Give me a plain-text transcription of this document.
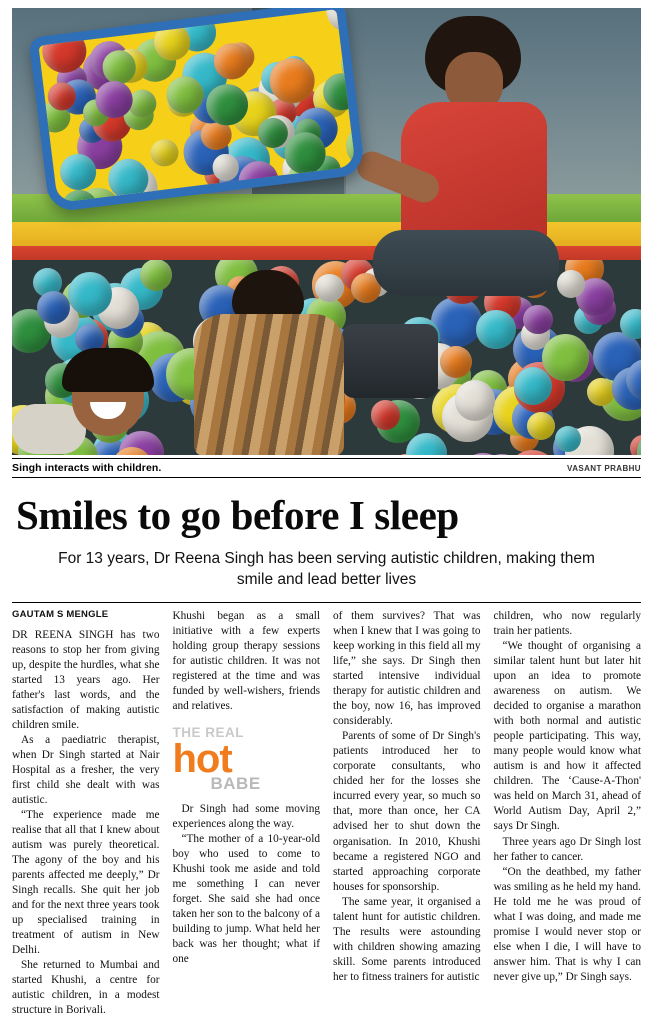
Singh interacts with children.	VASANT PRABHU
Smiles to go before I sleep
For 13 years, Dr Reena Singh has been serving autistic children, making them smile and lead better lives
GAUTAM S MENGLE

DR REENA SINGH has two reasons to stop her from giving up, despite the hurdles, what she started 13 years ago. Her father's last words, and the satisfaction of making autistic children smile.

As a paediatric therapist, when Dr Singh started at Nair Hospital as a fresher, the very first child she dealt with was autistic.

“The experience made me realise that all that I knew about autism was purely theoretical. The agony of the boy and his parents affected me deeply,” Dr Singh recalls. She quit her job and for the next three years took up specialised training in treatment of autism in New Delhi.

She returned to Mumbai and started Khushi, a centre for autistic children, in a modest structure in Borivali.

Khushi began as a small initiative with a few experts holding group therapy sessions for autistic children. It was not registered at the time and was funded by well-wishers, friends and relatives.

THE REAL
hot
BABE

Dr Singh had some moving experiences along the way.

“The mother of a 10-year-old boy who used to come to Khushi took me aside and told me something I can never forget. She said she had once taken her son to the balcony of a building to jump. What held her back was her thought; what if one

of them survives? That was when I knew that I was going to keep working in this field all my life,” she says. Dr Singh then started intensive individual therapy for autistic children and the boy, now 16, has improved considerably.

Parents of some of Dr Singh's patients introduced her to corporate consultants, who chided her for the losses she incurred every year, so much so that, more than once, her CA advised her to shut down the organisation. In 2010, Khushi became a registered NGO and started approaching corporate houses for sponsorship.

The same year, it organised a talent hunt for autistic children. The results were astounding with children showing amazing skill. Some parents introduced her to fitness trainers for autistic

children, who now regularly train her patients.

“We thought of organising a similar talent hunt but later hit upon an idea to promote awareness on autism. We decided to organise a marathon with both normal and autistic people participating. This way, many people would know what autism is and how it affected children. The ‘Cause-A-Thon' was held on March 31, ahead of World Autism Day, April 2,” says Dr Singh.

Three years ago Dr Singh lost her father to cancer.

“On the deathbed, my father was smiling as he held my hand. He told me he was proud of what I was doing, and made me promise I would never stop or else when I die, I will have to answer him. That is why I can never give up,” Dr Singh says.
